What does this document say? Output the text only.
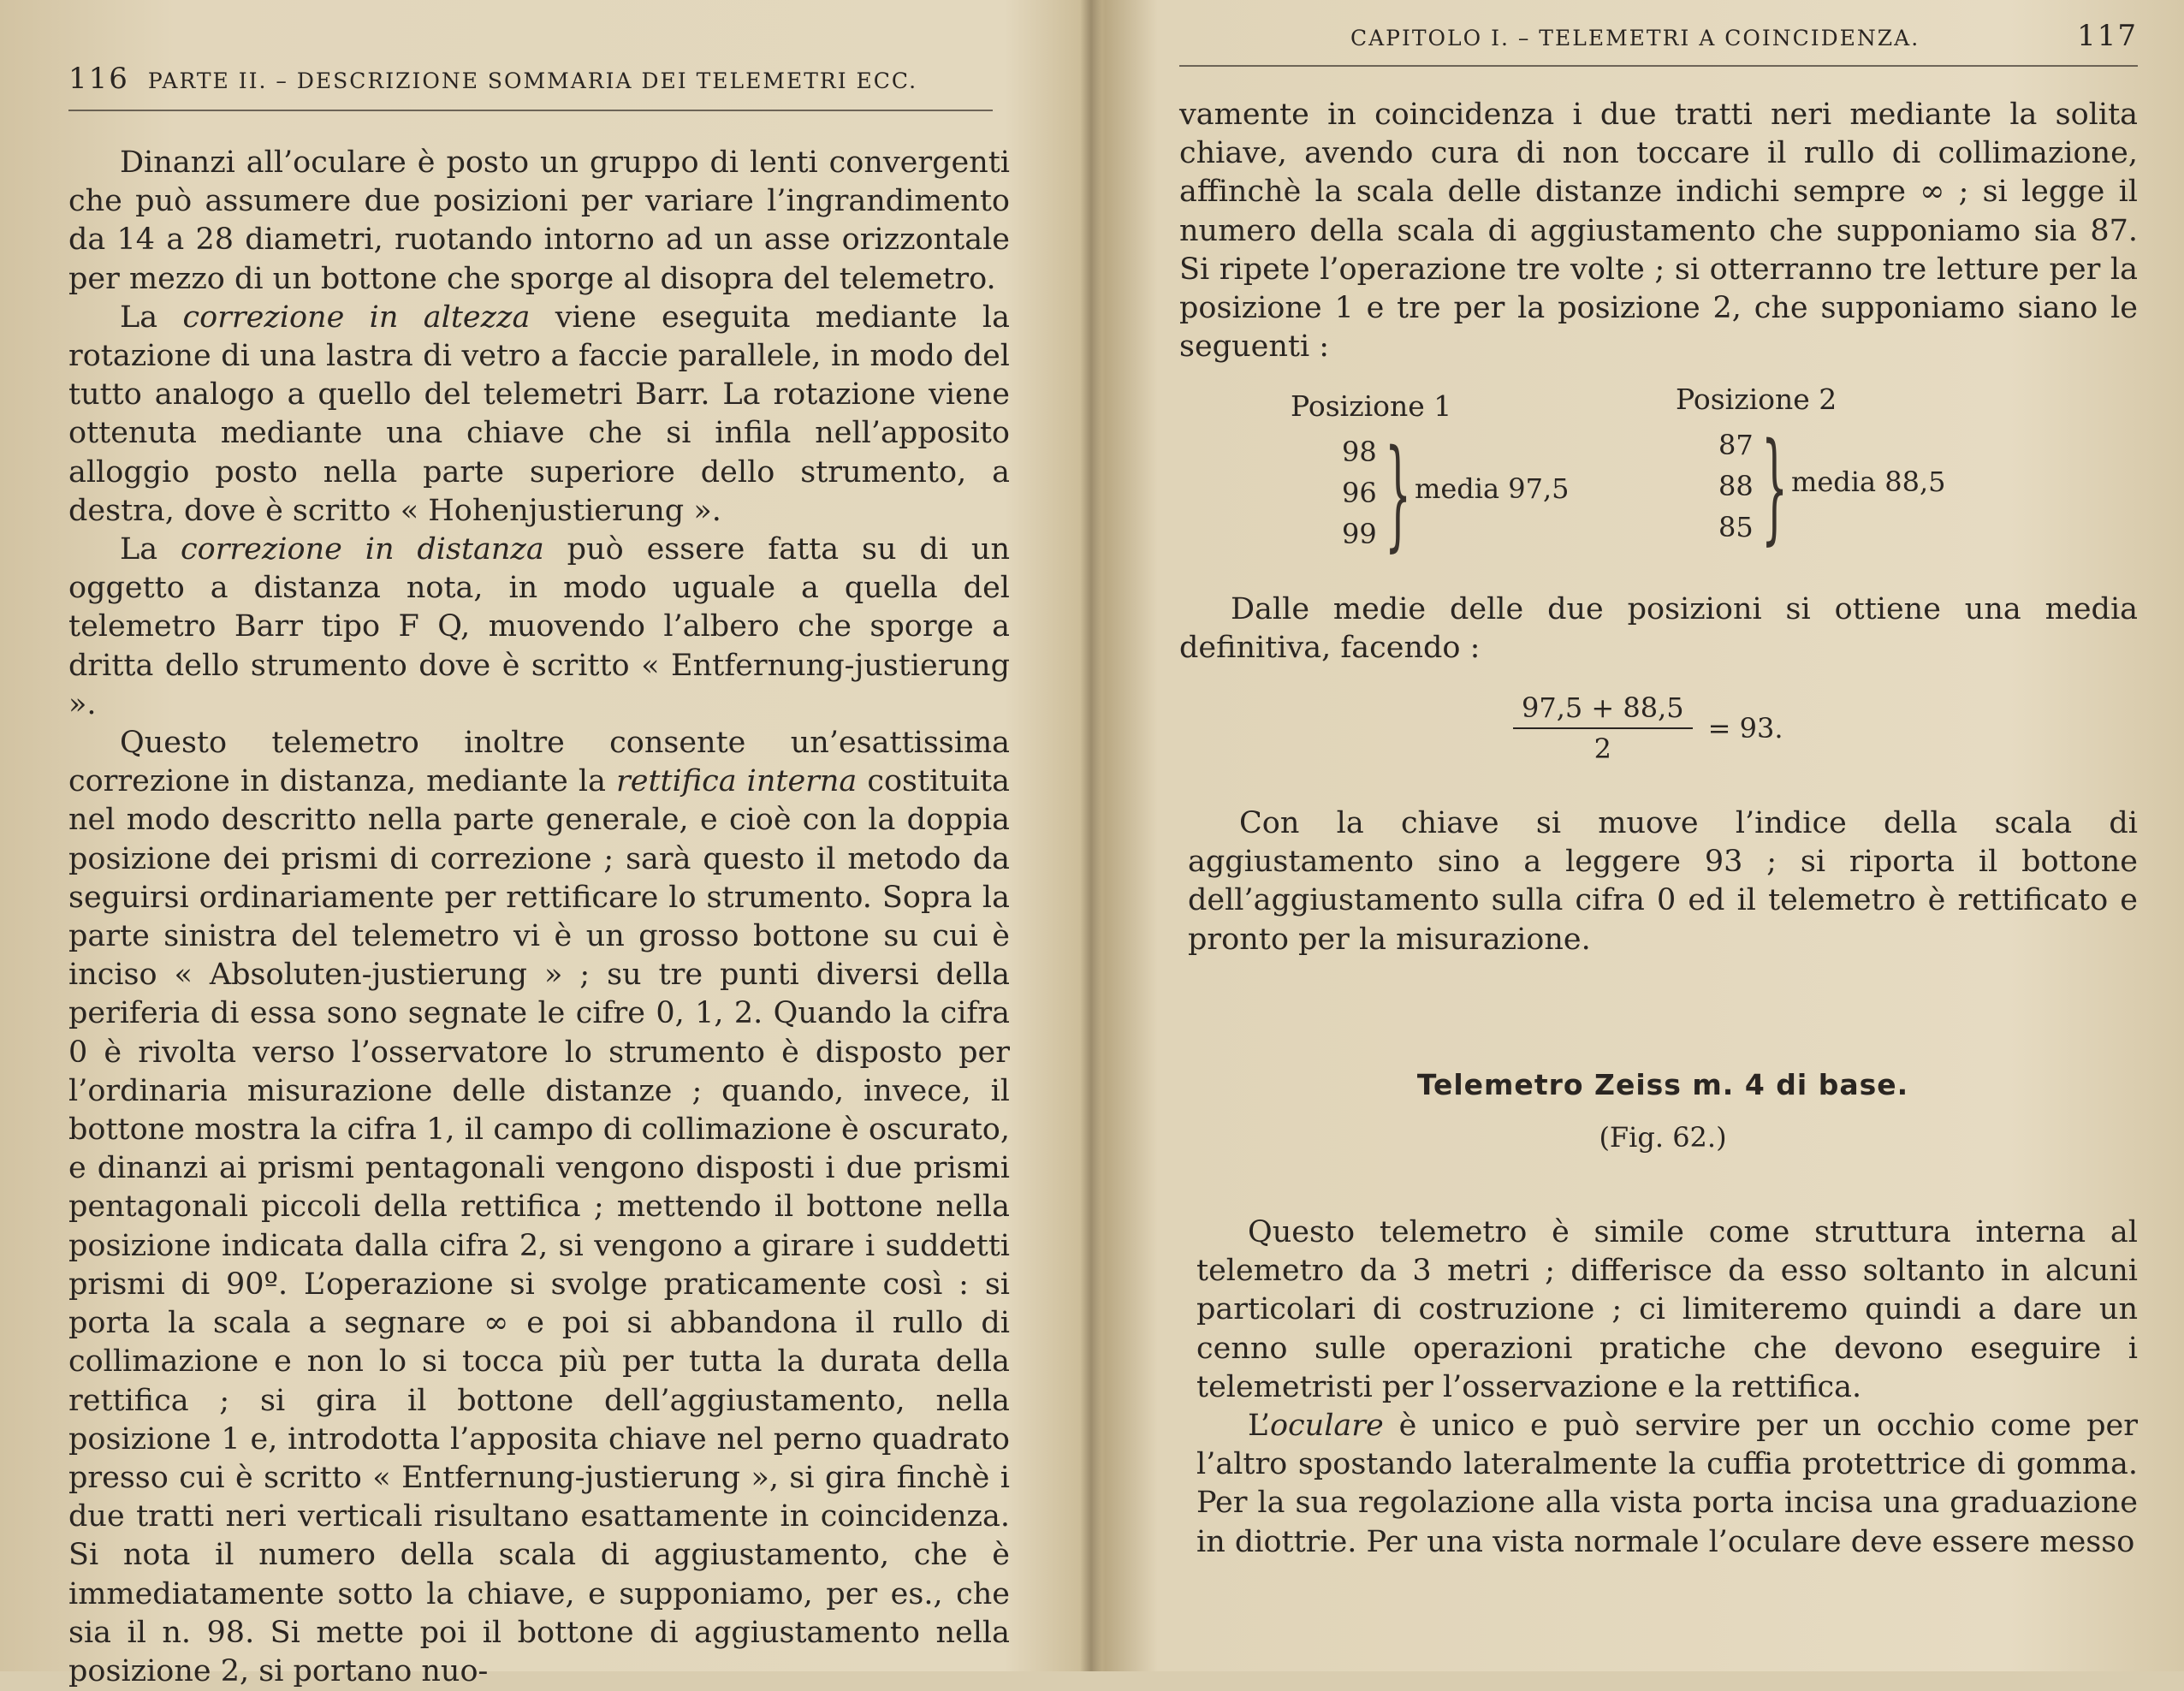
116 PARTE II. – DESCRIZIONE SOMMARIA DEI TELEMETRI ECC.

Dinanzi all’oculare è posto un gruppo di lenti convergenti che può assumere due posizioni per variare l’ingrandimento da 14 a 28 diametri, ruotando intorno ad un asse orizzontale per mezzo di un bottone che sporge al disopra del telemetro.

La correzione in altezza viene eseguita mediante la rotazione di una lastra di vetro a faccie parallele, in modo del tutto analogo a quello del telemetri Barr. La rotazione viene ottenuta mediante una chiave che si infila nell’apposito alloggio posto nella parte superiore dello strumento, a destra, dove è scritto « Hohenjustierung ».

La correzione in distanza può essere fatta su di un oggetto a distanza nota, in modo uguale a quella del telemetro Barr tipo F Q, muovendo l’albero che sporge a dritta dello strumento dove è scritto « Entfernung-justierung ».

Questo telemetro inoltre consente un’esattissima correzione in distanza, mediante la rettifica interna costituita nel modo descritto nella parte generale, e cioè con la doppia posizione dei prismi di correzione ; sarà questo il metodo da seguirsi ordinariamente per rettificare lo strumento. Sopra la parte sinistra del telemetro vi è un grosso bottone su cui è inciso « Absoluten-justierung » ; su tre punti diversi della periferia di essa sono segnate le cifre 0, 1, 2. Quando la cifra 0 è rivolta verso l’osservatore lo strumento è disposto per l’ordinaria misurazione delle distanze ; quando, invece, il bottone mostra la cifra 1, il campo di collimazione è oscurato, e dinanzi ai prismi pentagonali vengono disposti i due prismi pentagonali piccoli della rettifica ; mettendo il bottone nella posizione indicata dalla cifra 2, si vengono a girare i suddetti prismi di 90º. L’operazione si svolge praticamente così : si porta la scala a segnare ∞ e poi si abbandona il rullo di collimazione e non lo si tocca più per tutta la durata della rettifica ; si gira il bottone dell’aggiustamento, nella posizione 1 e, introdotta l’apposita chiave nel perno quadrato presso cui è scritto « Entfernung-justierung », si gira finchè i due tratti neri verticali risultano esattamente in coincidenza. Si nota il numero della scala di aggiustamento, che è immediatamente sotto la chiave, e supponiamo, per es., che sia il n. 98. Si mette poi il bottone di aggiustamento nella posizione 2, si portano nuo-

CAPITOLO I. – TELEMETRI A COINCIDENZA.	117

vamente in coincidenza i due tratti neri mediante la solita chiave, avendo cura di non toccare il rullo di collimazione, affinchè la scala delle distanze indichi sempre ∞ ; si legge il numero della scala di aggiustamento che supponiamo sia 87. Si ripete l’operazione tre volte ; si otterranno tre letture per la posizione 1 e tre per la posizione 2, che supponiamo siano le seguenti :

Posizione 1
98
96
99 } media 97,5
Posizione 2
87
88
85 } media 88,5

Dalle medie delle due posizioni si ottiene una media definitiva, facendo :

$\frac{97,5 + 88,5}{2} = 93$.

Con la chiave si muove l’indice della scala di aggiustamento sino a leggere 93 ; si riporta il bottone dell’aggiustamento sulla cifra 0 ed il telemetro è rettificato e pronto per la misurazione.

Telemetro Zeiss m. 4 di base.
(Fig. 62.)

Questo telemetro è simile come struttura interna al telemetro da 3 metri ; differisce da esso soltanto in alcuni particolari di costruzione ; ci limiteremo quindi a dare un cenno sulle operazioni pratiche che devono eseguire i telemetristi per l’osservazione e la rettifica.

L’oculare è unico e può servire per un occhio come per l’altro spostando lateralmente la cuffia protettrice di gomma. Per la sua regolazione alla vista porta incisa una graduazione in diottrie. Per una vista normale l’oculare deve essere messo
